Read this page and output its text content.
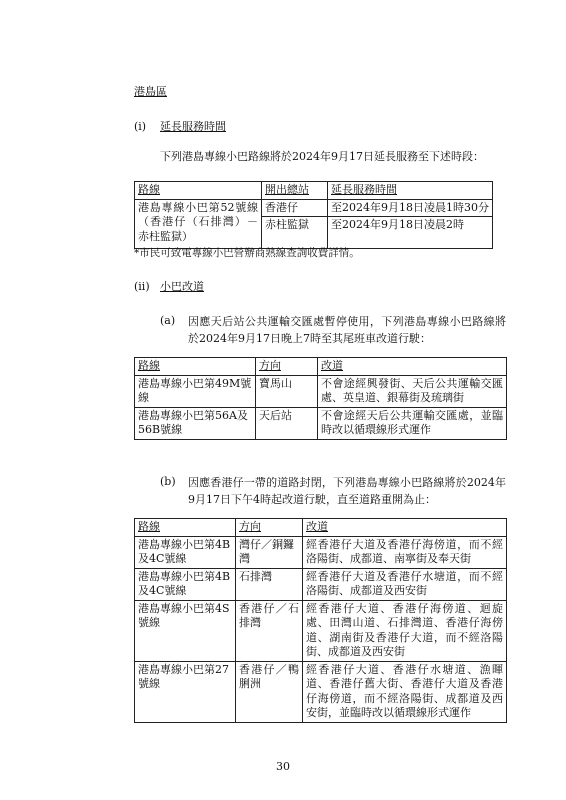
港島區
(i) 延長服務時間
下列港島專線小巴路線將於2024年9月17日延長服務至下述時段：
路線	開出總站	延長服務時間
港島專線小巴第52號線（香港仔（石排灣）－赤柱監獄）	香港仔	至2024年9月18日凌晨1時30分
	赤柱監獄	至2024年9月18日凌晨2時
*市民可致電專線小巴營辦商熟線查詢收費詳情。
(ii) 小巴改道
(a) 因應天后站公共運輸交匯處暫停使用，下列港島專線小巴路線將於2024年9月17日晚上7時至其尾班車改道行駛：
路線	方向	改道
港島專線小巴第49M號線	寶馬山	不會途經興發街、天后公共運輸交匯處、英皇道、銀幕街及琉璃街
港島專線小巴第56A及56B號線	天后站	不會途經天后公共運輸交匯處，並臨時改以循環線形式運作
(b) 因應香港仔一帶的道路封閉，下列港島專線小巴路線將於2024年9月17日下午4時起改道行駛，直至道路重開為止：
路線	方向	改道
港島專線小巴第4B及4C號線	灣仔／銅鑼灣	經香港仔大道及香港仔海傍道，而不經洛陽街、成都道、南寧街及奉天街
港島專線小巴第4B及4C號線	石排灣	經香港仔大道及香港仔水塘道，而不經洛陽街、成都道及西安街
港島專線小巴第4S號線	香港仔／石排灣	經香港仔大道、香港仔海傍道、迴旋處、田灣山道、石排灣道、香港仔海傍道、湖南街及香港仔大道，而不經洛陽街、成都道及西安街
港島專線小巴第27號線	香港仔／鴨脷洲	經香港仔大道、香港仔水塘道、漁暉道、香港仔舊大街、香港仔大道及香港仔海傍道，而不經洛陽街、成都道及西安街，並臨時改以循環線形式運作
30
